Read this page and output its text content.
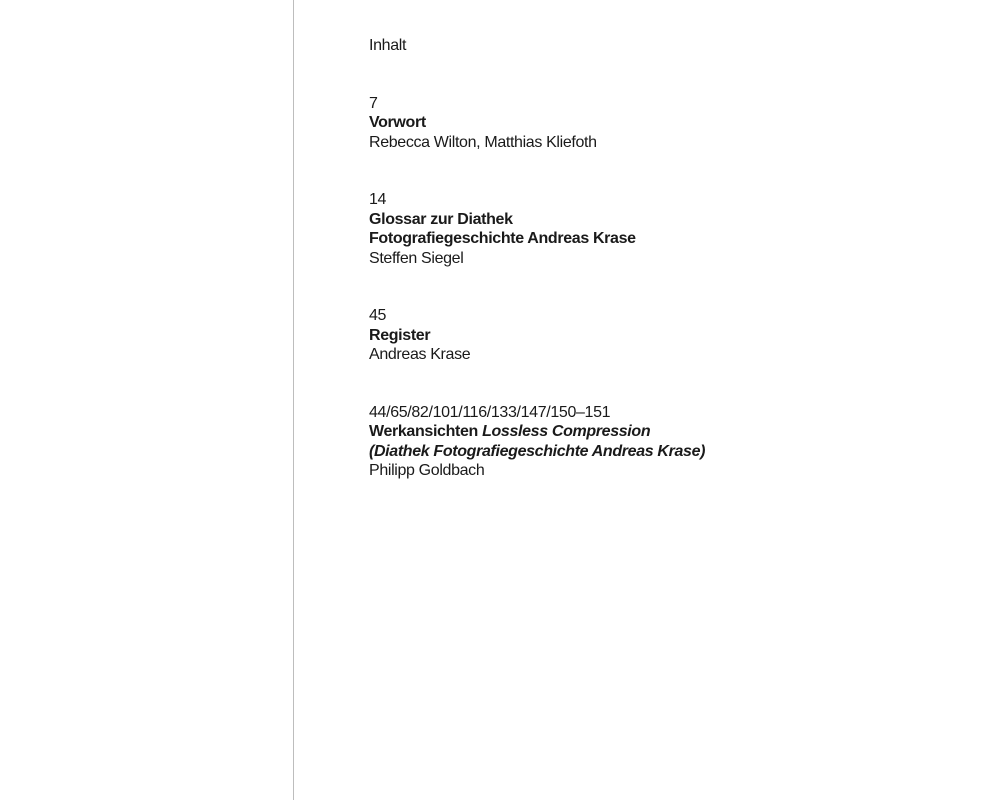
Inhalt
7
Vorwort
Rebecca Wilton, Matthias Kliefoth
14
Glossar zur Diathek
Fotografiegeschichte Andreas Krase
Steffen Siegel
45
Register
Andreas Krase
44/65/82/101/116/133/147/150–151
Werkansichten Lossless Compression
(Diathek Fotografiegeschichte Andreas Krase)
Philipp Goldbach
